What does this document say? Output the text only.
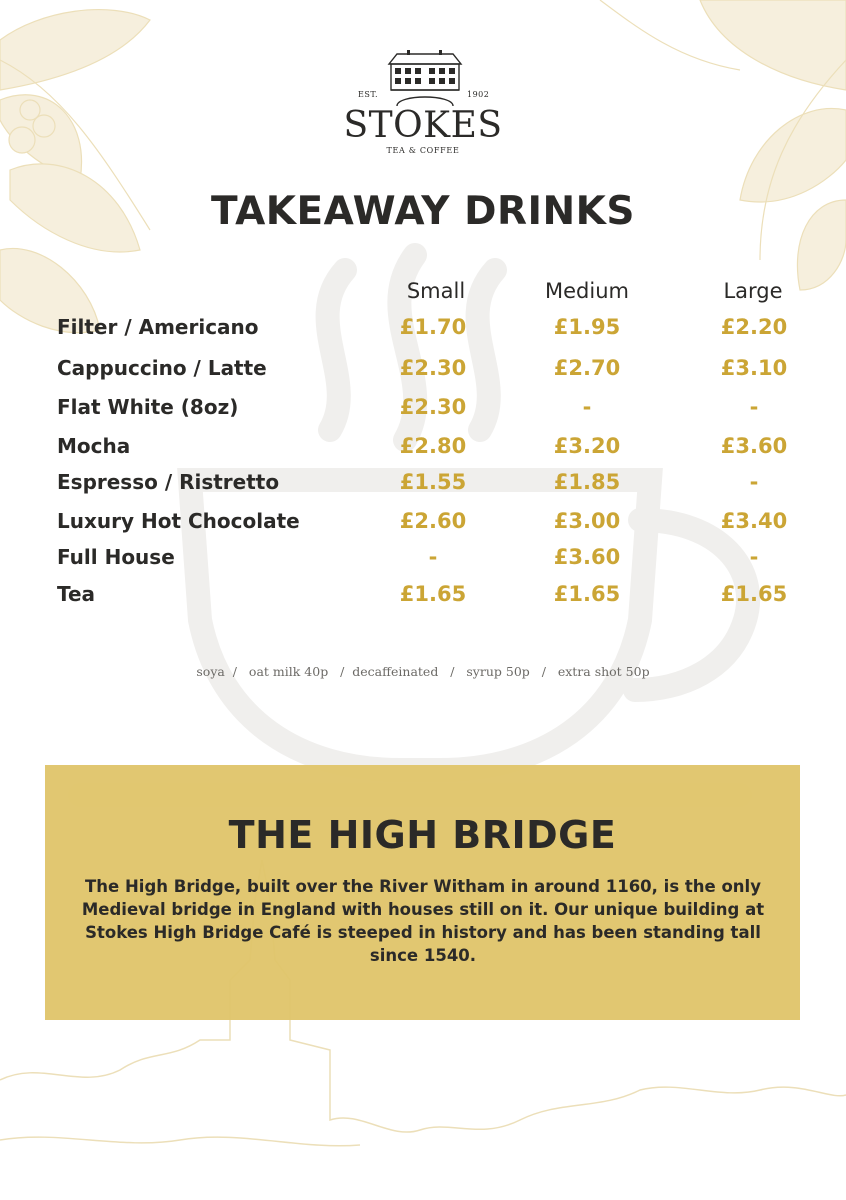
EST.	1902
STOKES
TEA & COFFEE
TAKEAWAY DRINKS
Small	Medium	Large
Filter / Americano	£1.70	£1.95	£2.20
Cappuccino / Latte	£2.30	£2.70	£3.10
Flat White (8oz)	£2.30	-	-
Mocha	£2.80	£3.20	£3.60
Espresso / Ristretto	£1.55	£1.85	-
Luxury Hot Chocolate	£2.60	£3.00	£3.40
Full House	-	£3.60	-
Tea	£1.65	£1.65	£1.65
soya  /   oat milk 40p   /  decaffeinated   /   syrup 50p   /   extra shot 50p
THE HIGH BRIDGE
The High Bridge, built over the River Witham in around 1160, is the only Medieval bridge in England with houses still on it. Our unique building at Stokes High Bridge Café is steeped in history and has been standing tall since 1540.
